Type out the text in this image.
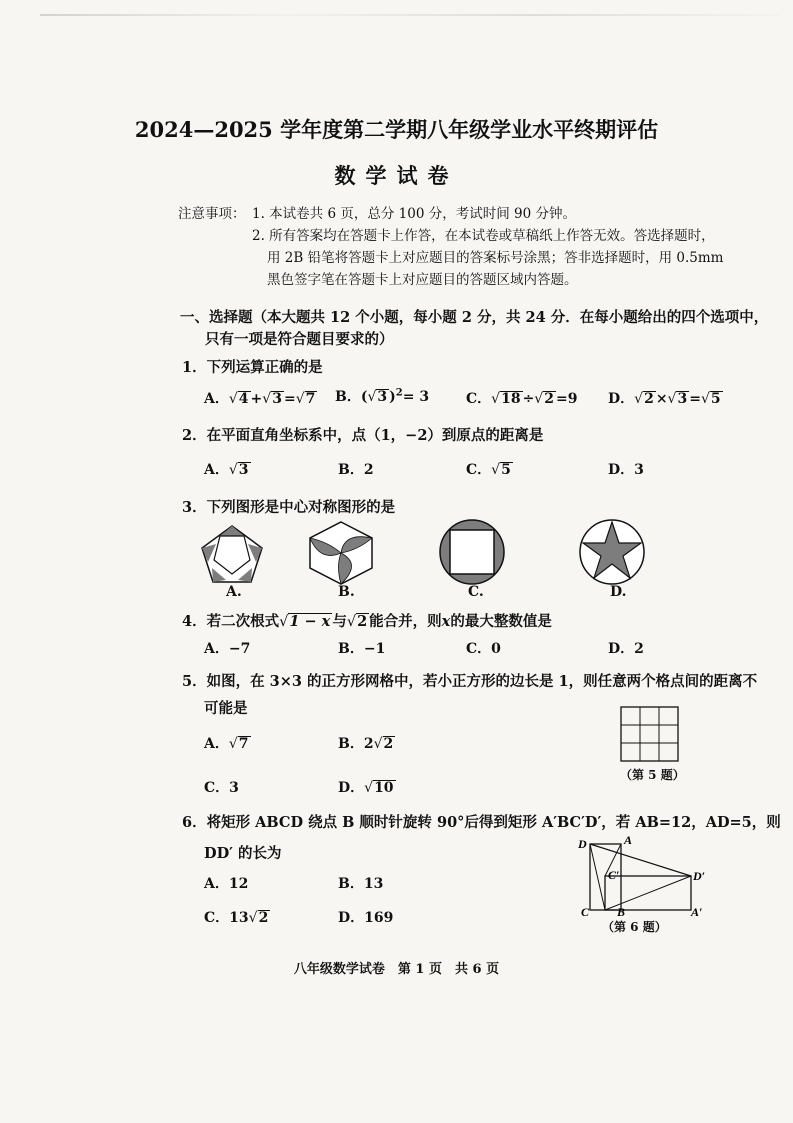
2024—2025 学年度第二学期八年级学业水平终期评估
数学试卷
注意事项： 1. 本试卷共 6 页，总分 100 分，考试时间 90 分钟。
2. 所有答案均在答题卡上作答，在本试卷或草稿纸上作答无效。答选择题时，
用 2B 铅笔将答题卡上对应题目的答案标号涂黑；答非选择题时，用 0.5mm
黑色签字笔在答题卡上对应题目的答题区域内答题。
一、选择题（本大题共 12 个小题，每小题 2 分，共 24 分．在每小题给出的四个选项中，
只有一项是符合题目要求的）
1．下列运算正确的是
A．√4 +√3 =√7 B．(√3 )$^2$= 3	C．√18 ÷√2 =9 D．√2 ×√3 =√5
2．在平面直角坐标系中，点（1，−2）到原点的距离是
A．√3	B．2	C．√5	D．3
3．下列图形是中心对称图形的是
A.	B.	C.	D.
4．若二次根式√1 − x 与√2 能合并，则x的最大整数值是
A．−7	B．−1	C．0	D．2
5．如图，在 3×3 的正方形网格中，若小正方形的边长是 1，则任意两个格点间的距离不
可能是
A．√7	B．2√2
C．3	D．√10
（第 5 题）
6．将矩形 ABCD 绕点 B 顺时针旋转 90°后得到矩形 A′BC′D′，若 AB=12，AD=5，则
DD′ 的长为
A．12	B．13
C．13√2	D．169
D	A
C′	D′
C B	A′
（第 6 题）
八年级数学试卷　第 1 页　共 6 页
